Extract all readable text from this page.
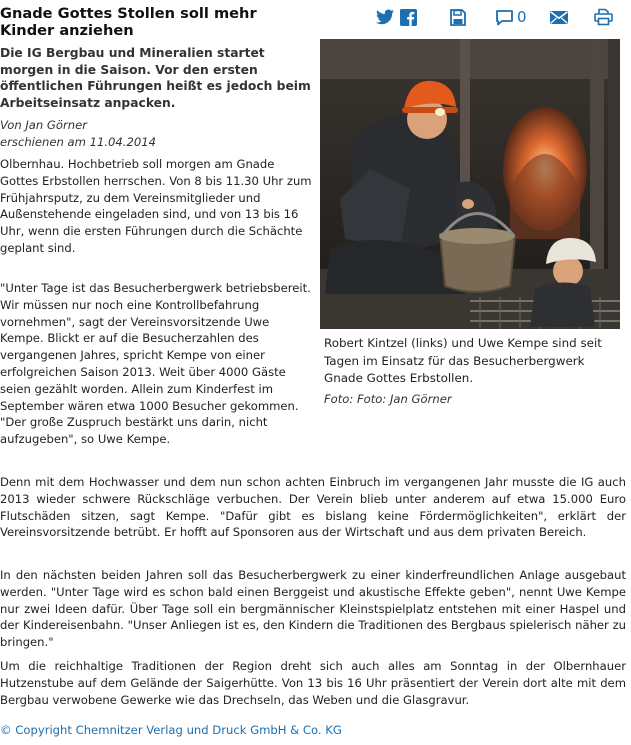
Gnade Gottes Stollen soll mehr Kinder anziehen
0

Die IG Bergbau und Mineralien startet morgen in die Saison. Vor den ersten öffentlichen Führungen heißt es jedoch beim Arbeitseinsatz anpacken.

Von Jan Görner
erschienen am 11.04.2014

Olbernhau. Hochbetrieb soll morgen am Gnade Gottes Erbstollen herrschen. Von 8 bis 11.30 Uhr zum Frühjahrsputz, zu dem Vereinsmitglieder und Außenstehende eingeladen sind, und von 13 bis 16 Uhr, wenn die ersten Führungen durch die Schächte geplant sind.

"Unter Tage ist das Besucherbergwerk betriebsbereit. Wir müssen nur noch eine Kontrollbefahrung vornehmen", sagt der Vereinsvorsitzende Uwe Kempe. Blickt er auf die Besucherzahlen des vergangenen Jahres, spricht Kempe von einer erfolgreichen Saison 2013. Weit über 4000 Gäste seien gezählt worden. Allein zum Kinderfest im September wären etwa 1000 Besucher gekommen. "Der große Zuspruch bestärkt uns darin, nicht aufzugeben", so Uwe Kempe.

Denn mit dem Hochwasser und dem nun schon achten Einbruch im vergangenen Jahr musste die IG auch 2013 wieder schwere Rückschläge verbuchen. Der Verein blieb unter anderem auf etwa 15.000 Euro Flutschäden sitzen, sagt Kempe. "Dafür gibt es bislang keine Fördermöglichkeiten", erklärt der Vereinsvorsitzende betrübt. Er hofft auf Sponsoren aus der Wirtschaft und aus dem privaten Bereich.

In den nächsten beiden Jahren soll das Besucherbergwerk zu einer kinderfreundlichen Anlage ausgebaut werden. "Unter Tage wird es schon bald einen Berggeist und akustische Effekte geben", nennt Uwe Kempe nur zwei Ideen dafür. Über Tage soll ein bergmännischer Kleinstspielplatz entstehen mit einer Haspel und der Kindereisenbahn. "Unser Anliegen ist es, den Kindern die Traditionen des Bergbaus spielerisch näher zu bringen."

Um die reichhaltige Traditionen der Region dreht sich auch alles am Sonntag in der Olbernhauer Hutzenstube auf dem Gelände der Saigerhütte. Von 13 bis 16 Uhr präsentiert der Verein dort alte mit dem Bergbau verwobene Gewerke wie das Drechseln, das Weben und die Glasgravur.

Robert Kintzel (links) und Uwe Kempe sind seit Tagen im Einsatz für das Besucherbergwerk Gnade Gottes Erbstollen.

Foto: Foto: Jan Görner
© Copyright Chemnitzer Verlag und Druck GmbH & Co. KG
